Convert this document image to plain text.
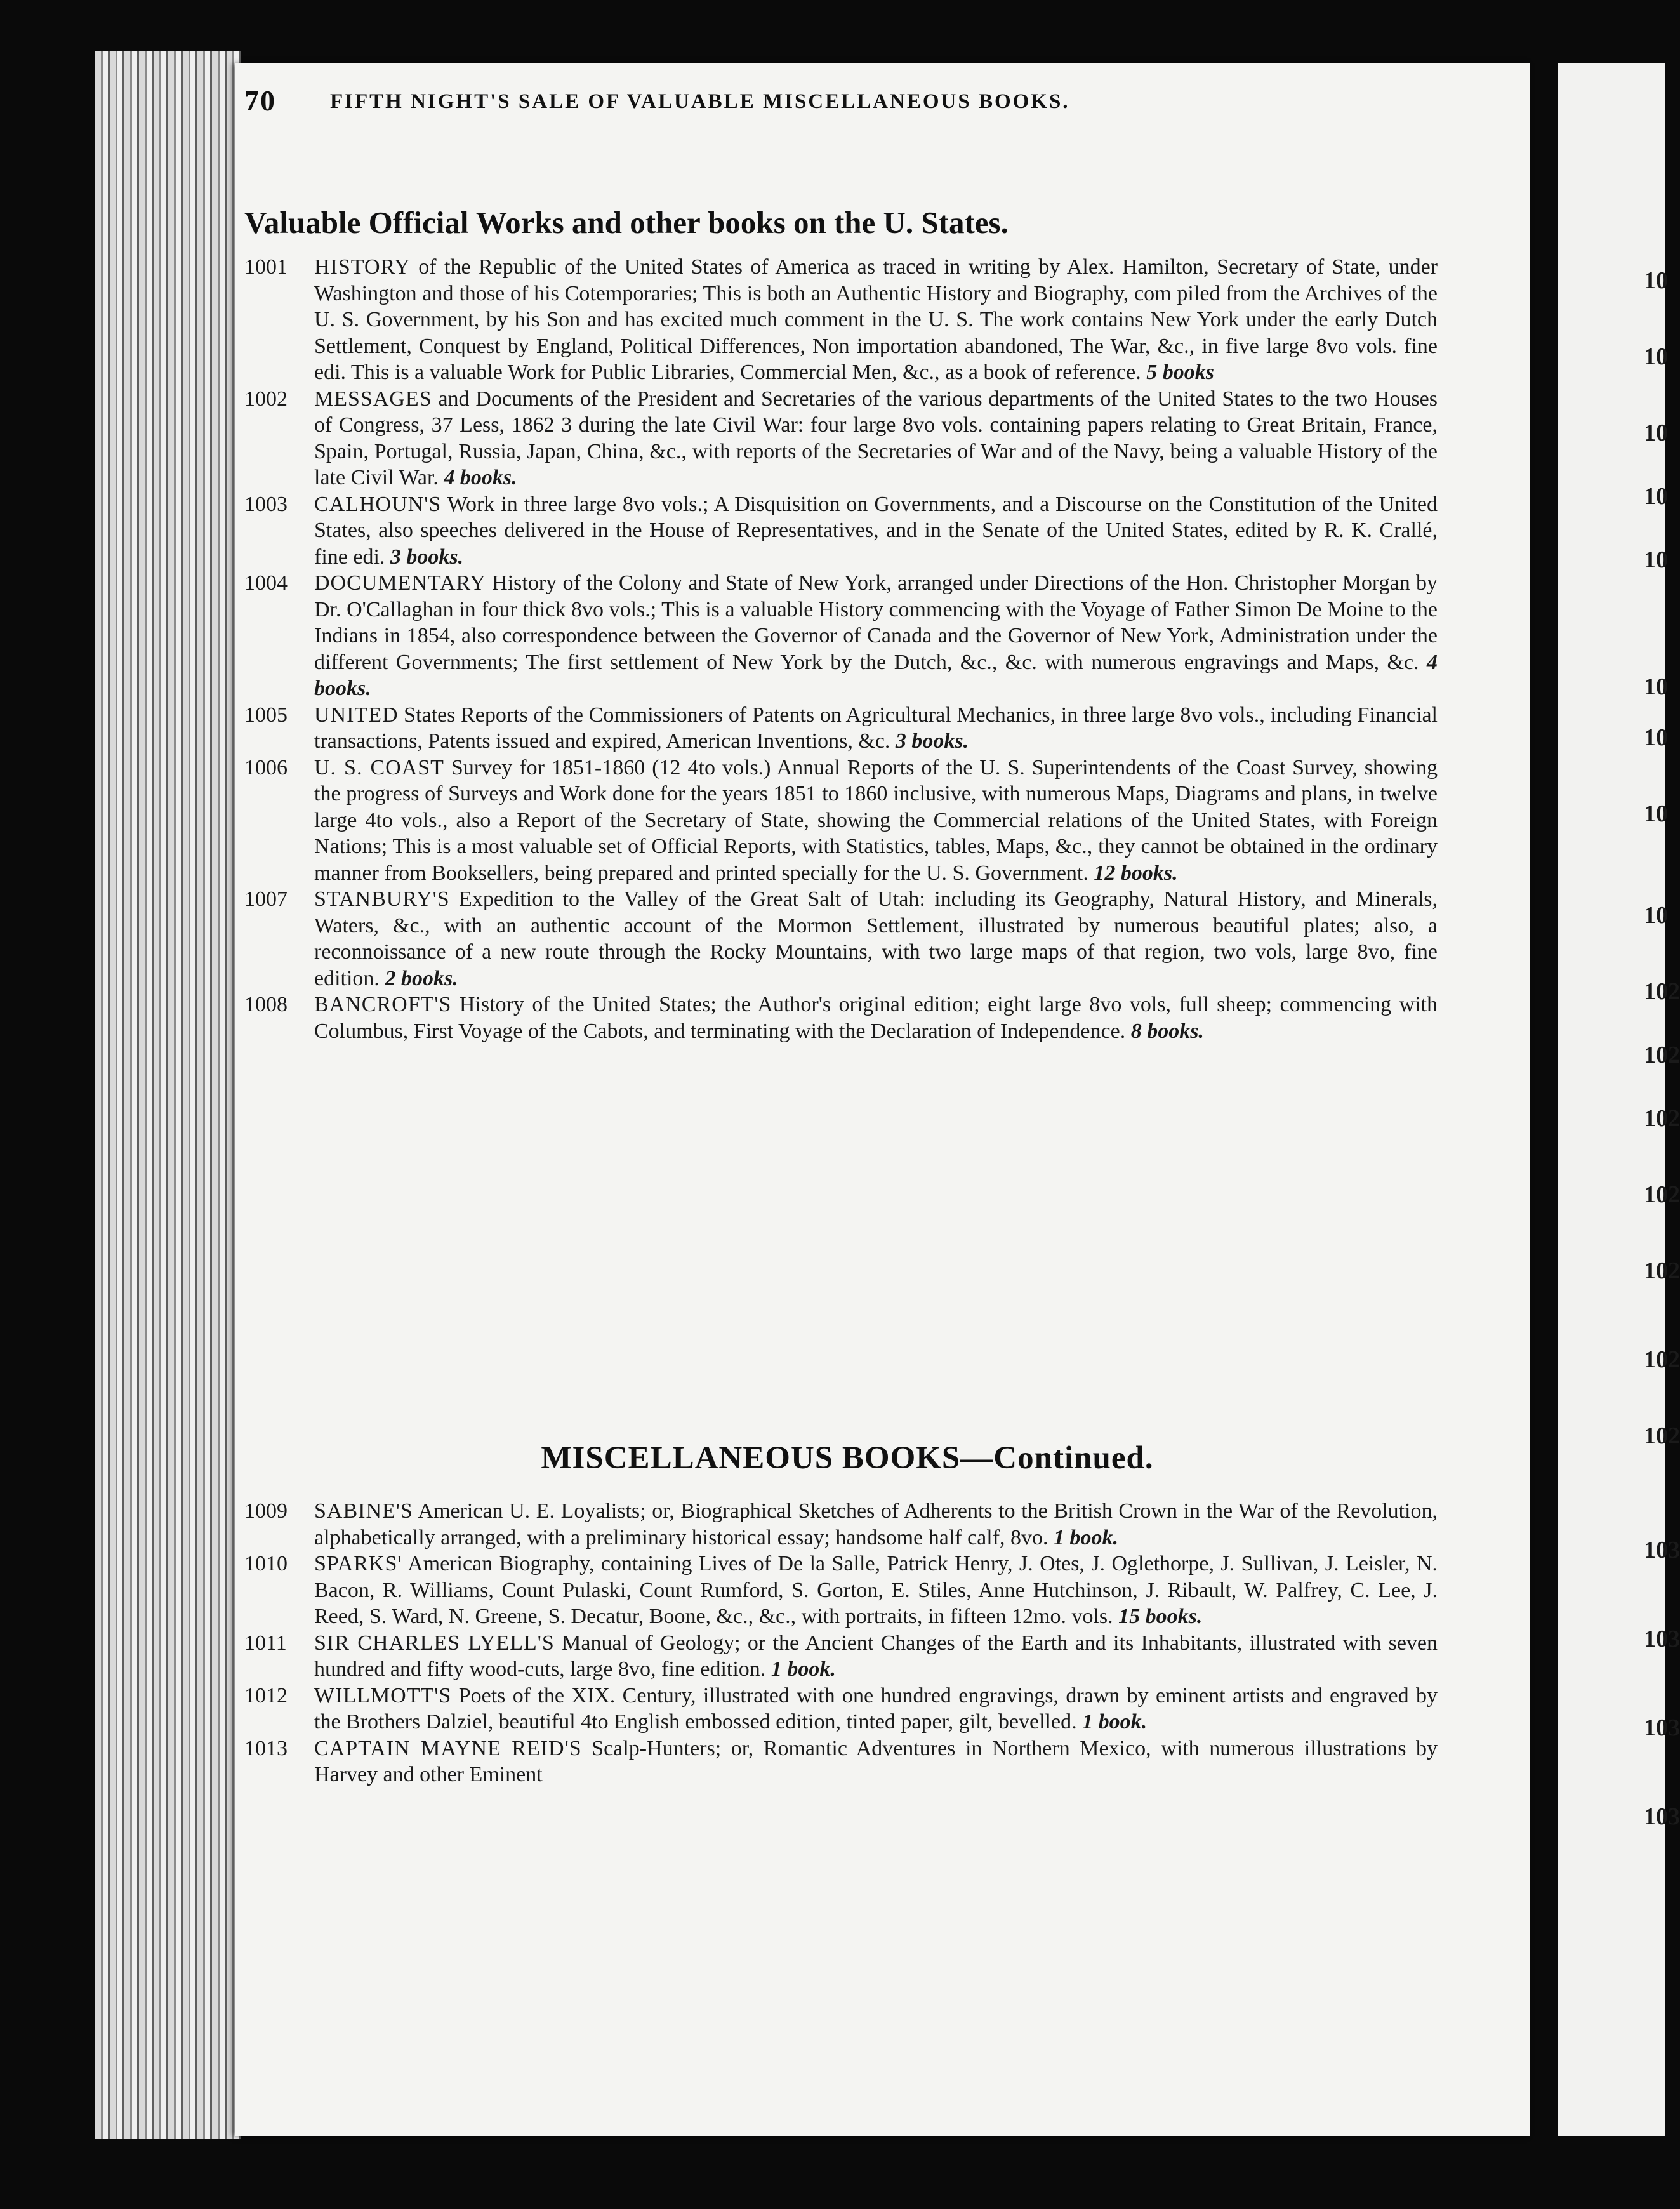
10
10
10
10
10
10
10
10
10
102
102
102
102
102
102
102
103
103
103
103
70	FIFTH NIGHT'S SALE OF VALUABLE MISCELLANEOUS BOOKS.
Valuable Official Works and other books on the U. States.
1001	HISTORY of the Republic of the United States of America as traced in writing by Alex. Hamilton, Secretary of State, under Washington and those of his Cotemporaries; This is both an Authentic History and Biography, com piled from the Archives of the U. S. Government, by his Son and has excited much comment in the U. S. The work contains New York under the early Dutch Settlement, Conquest by England, Political Differences, Non importation abandoned, The War, &c., in five large 8vo vols. fine edi. This is a valuable Work for Public Libraries, Commercial Men, &c., as a book of reference. 5 books

1002	MESSAGES and Documents of the President and Secretaries of the various departments of the United States to the two Houses of Congress, 37 Less, 1862 3 during the late Civil War: four large 8vo vols. containing papers relating to Great Britain, France, Spain, Portugal, Russia, Japan, China, &c., with reports of the Secretaries of War and of the Navy, being a valuable History of the late Civil War. 4 books.

1003	CALHOUN'S Work in three large 8vo vols.; A Disquisition on Governments, and a Discourse on the Constitution of the United States, also speeches delivered in the House of Representatives, and in the Senate of the United States, edited by R. K. Crallé, fine edi. 3 books.

1004	DOCUMENTARY History of the Colony and State of New York, arranged under Directions of the Hon. Christopher Morgan by Dr. O'Callaghan in four thick 8vo vols.; This is a valuable History commencing with the Voyage of Father Simon De Moine to the Indians in 1854, also correspondence between the Governor of Canada and the Governor of New York, Administration under the different Governments; The first settlement of New York by the Dutch, &c., &c. with numerous engravings and Maps, &c. 4 books.

1005	UNITED States Reports of the Commissioners of Patents on Agricultural Mechanics, in three large 8vo vols., including Financial transactions, Patents issued and expired, American Inventions, &c. 3 books.

1006	U. S. COAST Survey for 1851-1860 (12 4to vols.) Annual Reports of the U. S. Superintendents of the Coast Survey, showing the progress of Surveys and Work done for the years 1851 to 1860 inclusive, with numerous Maps, Diagrams and plans, in twelve large 4to vols., also a Report of the Secretary of State, showing the Commercial relations of the United States, with Foreign Nations; This is a most valuable set of Official Reports, with Statistics, tables, Maps, &c., they cannot be obtained in the ordinary manner from Booksellers, being prepared and printed specially for the U. S. Government. 12 books.

1007	STANBURY'S Expedition to the Valley of the Great Salt of Utah: including its Geography, Natural History, and Minerals, Waters, &c., with an authentic account of the Mormon Settlement, illustrated by numerous beautiful plates; also, a reconnoissance of a new route through the Rocky Mountains, with two large maps of that region, two vols, large 8vo, fine edition. 2 books.

1008	BANCROFT'S History of the United States; the Author's original edition; eight large 8vo vols, full sheep; commencing with Columbus, First Voyage of the Cabots, and terminating with the Declaration of Independence. 8 books.

MISCELLANEOUS BOOKS—Continued.
1009	SABINE'S American U. E. Loyalists; or, Biographical Sketches of Adherents to the British Crown in the War of the Revolution, alphabetically arranged, with a preliminary historical essay; handsome half calf, 8vo. 1 book.

1010	SPARKS' American Biography, containing Lives of De la Salle, Patrick Henry, J. Otes, J. Oglethorpe, J. Sullivan, J. Leisler, N. Bacon, R. Williams, Count Pulaski, Count Rumford, S. Gorton, E. Stiles, Anne Hutchinson, J. Ribault, W. Palfrey, C. Lee, J. Reed, S. Ward, N. Greene, S. Decatur, Boone, &c., &c., with portraits, in fifteen 12mo. vols. 15 books.

1011	SIR CHARLES LYELL'S Manual of Geology; or the Ancient Changes of the Earth and its Inhabitants, illustrated with seven hundred and fifty wood-cuts, large 8vo, fine edition. 1 book.

1012	WILLMOTT'S Poets of the XIX. Century, illustrated with one hundred engravings, drawn by eminent artists and engraved by the Brothers Dalziel, beautiful 4to English embossed edition, tinted paper, gilt, bevelled. 1 book.

1013	CAPTAIN MAYNE REID'S Scalp-Hunters; or, Romantic Adventures in Northern Mexico, with numerous illustrations by Harvey and other Eminent
